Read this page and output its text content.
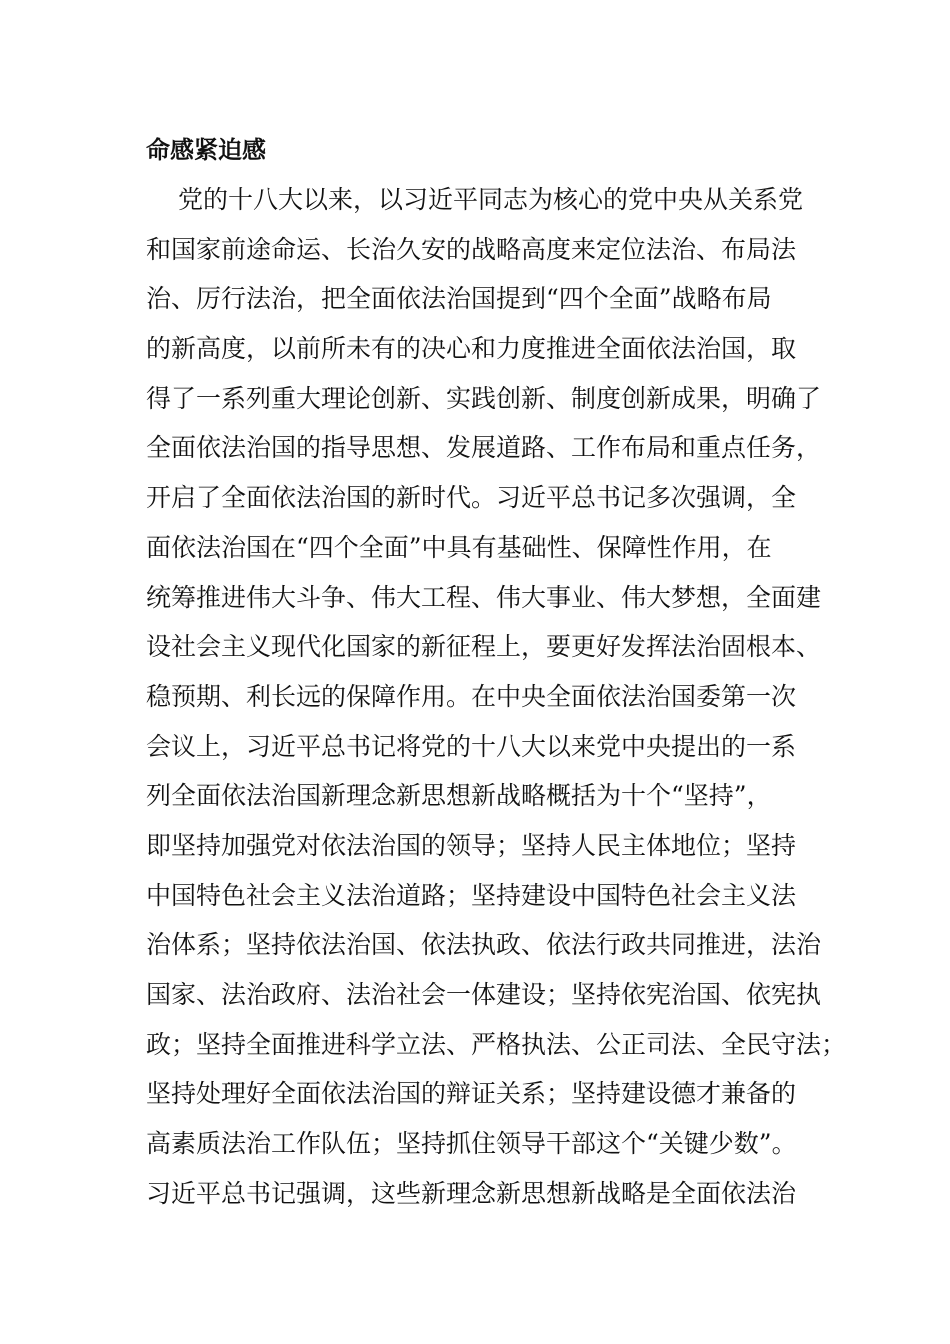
命感紧迫感
党的十八大以来，以习近平同志为核心的党中央从关系党
和国家前途命运、长治久安的战略高度来定位法治、布局法
治、厉行法治，把全面依法治国提到“四个全面”战略布局
的新高度，以前所未有的决心和力度推进全面依法治国，取
得了一系列重大理论创新、实践创新、制度创新成果，明确了
全面依法治国的指导思想、发展道路、工作布局和重点任务，
开启了全面依法治国的新时代。习近平总书记多次强调，全
面依法治国在“四个全面”中具有基础性、保障性作用，在
统筹推进伟大斗争、伟大工程、伟大事业、伟大梦想，全面建
设社会主义现代化国家的新征程上，要更好发挥法治固根本、
稳预期、利长远的保障作用。在中央全面依法治国委第一次
会议上，习近平总书记将党的十八大以来党中央提出的一系
列全面依法治国新理念新思想新战略概括为十个“坚持”，
即坚持加强党对依法治国的领导；坚持人民主体地位；坚持
中国特色社会主义法治道路；坚持建设中国特色社会主义法
治体系；坚持依法治国、依法执政、依法行政共同推进，法治
国家、法治政府、法治社会一体建设；坚持依宪治国、依宪执
政；坚持全面推进科学立法、严格执法、公正司法、全民守法；
坚持处理好全面依法治国的辩证关系；坚持建设德才兼备的
高素质法治工作队伍；坚持抓住领导干部这个“关键少数”。
习近平总书记强调，这些新理念新思想新战略是全面依法治
